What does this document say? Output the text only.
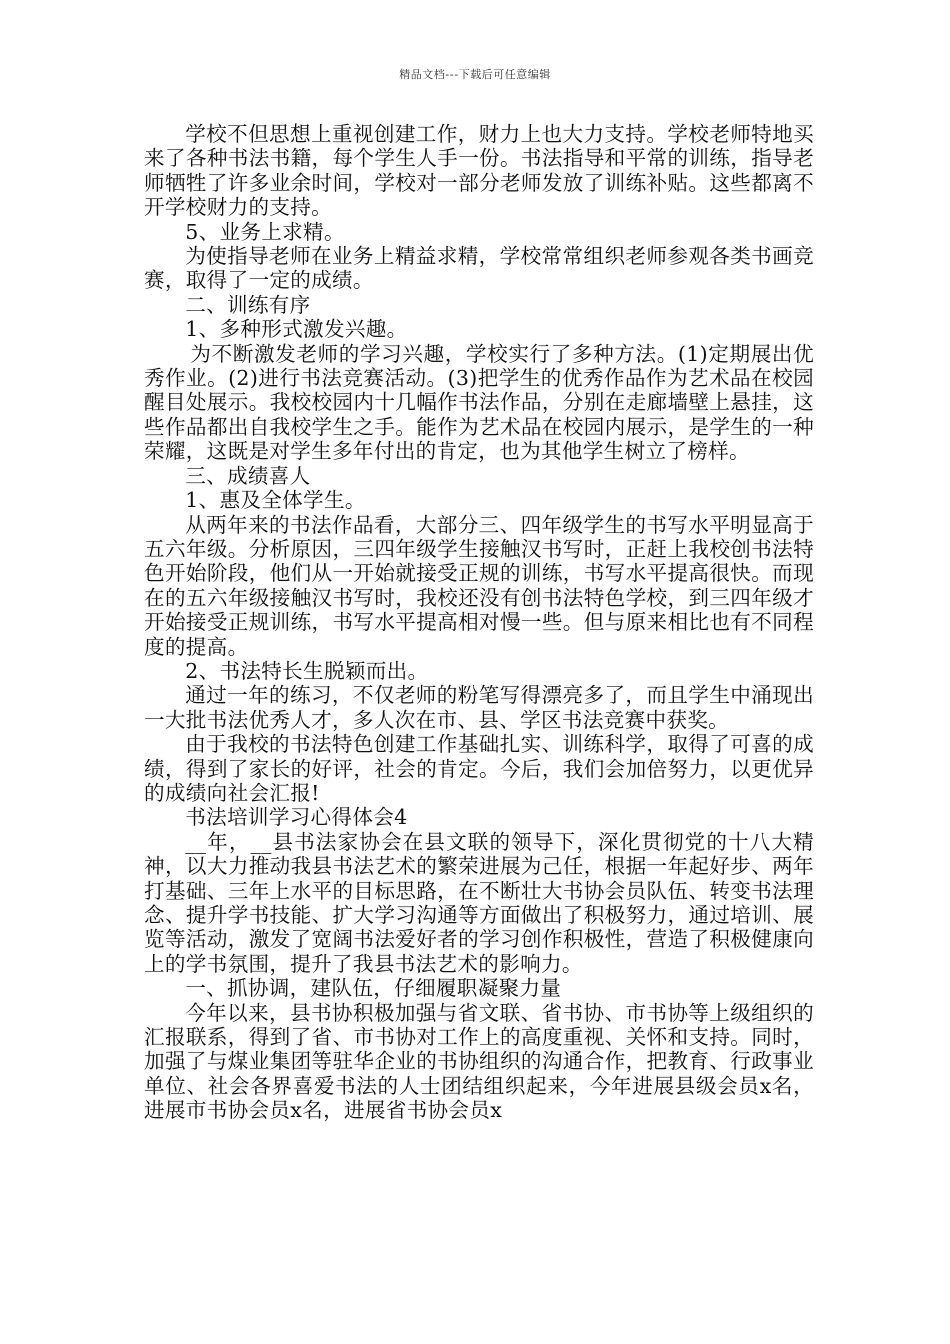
精品文档---下载后可任意编辑

学校不但思想上重视创建工作，财力上也大力支持。学校老师特地买来了各种书法书籍，每个学生人手一份。书法指导和平常的训练，指导老师牺牲了许多业余时间，学校对一部分老师发放了训练补贴。这些都离不开学校财力的支持。

5、业务上求精。

为使指导老师在业务上精益求精，学校常常组织老师参观各类书画竞赛，取得了一定的成绩。

二、训练有序

1、多种形式激发兴趣。

为不断激发老师的学习兴趣，学校实行了多种方法。(1)定期展出优秀作业。(2)进行书法竞赛活动。(3)把学生的优秀作品作为艺术品在校园醒目处展示。我校校园内十几幅作书法作品，分别在走廊墙壁上悬挂，这些作品都出自我校学生之手。能作为艺术品在校园内展示，是学生的一种荣耀，这既是对学生多年付出的肯定，也为其他学生树立了榜样。

三、成绩喜人

1、惠及全体学生。

从两年来的书法作品看，大部分三、四年级学生的书写水平明显高于五六年级。分析原因，三四年级学生接触汉书写时，正赶上我校创书法特色开始阶段，他们从一开始就接受正规的训练，书写水平提高很快。而现在的五六年级接触汉书写时，我校还没有创书法特色学校，到三四年级才开始接受正规训练，书写水平提高相对慢一些。但与原来相比也有不同程度的提高。

2、书法特长生脱颖而出。

通过一年的练习，不仅老师的粉笔写得漂亮多了，而且学生中涌现出一大批书法优秀人才，多人次在市、县、学区书法竞赛中获奖。

由于我校的书法特色创建工作基础扎实、训练科学，取得了可喜的成绩，得到了家长的好评，社会的肯定。今后，我们会加倍努力，以更优异的成绩向社会汇报!

书法培训学习心得体会4

__年，__县书法家协会在县文联的领导下，深化贯彻党的十八大精神，以大力推动我县书法艺术的繁荣进展为己任，根据一年起好步、两年打基础、三年上水平的目标思路，在不断壮大书协会员队伍、转变书法理念、提升学书技能、扩大学习沟通等方面做出了积极努力，通过培训、展览等活动，激发了宽阔书法爱好者的学习创作积极性，营造了积极健康向上的学书氛围，提升了我县书法艺术的影响力。

一、抓协调，建队伍，仔细履职凝聚力量

今年以来，县书协积极加强与省文联、省书协、市书协等上级组织的汇报联系，得到了省、市书协对工作上的高度重视、关怀和支持。同时，加强了与煤业集团等驻华企业的书协组织的沟通合作，把教育、行政事业单位、社会各界喜爱书法的人士团结组织起来，今年进展县级会员x名，进展市书协会员x名，进展省书协会员x
